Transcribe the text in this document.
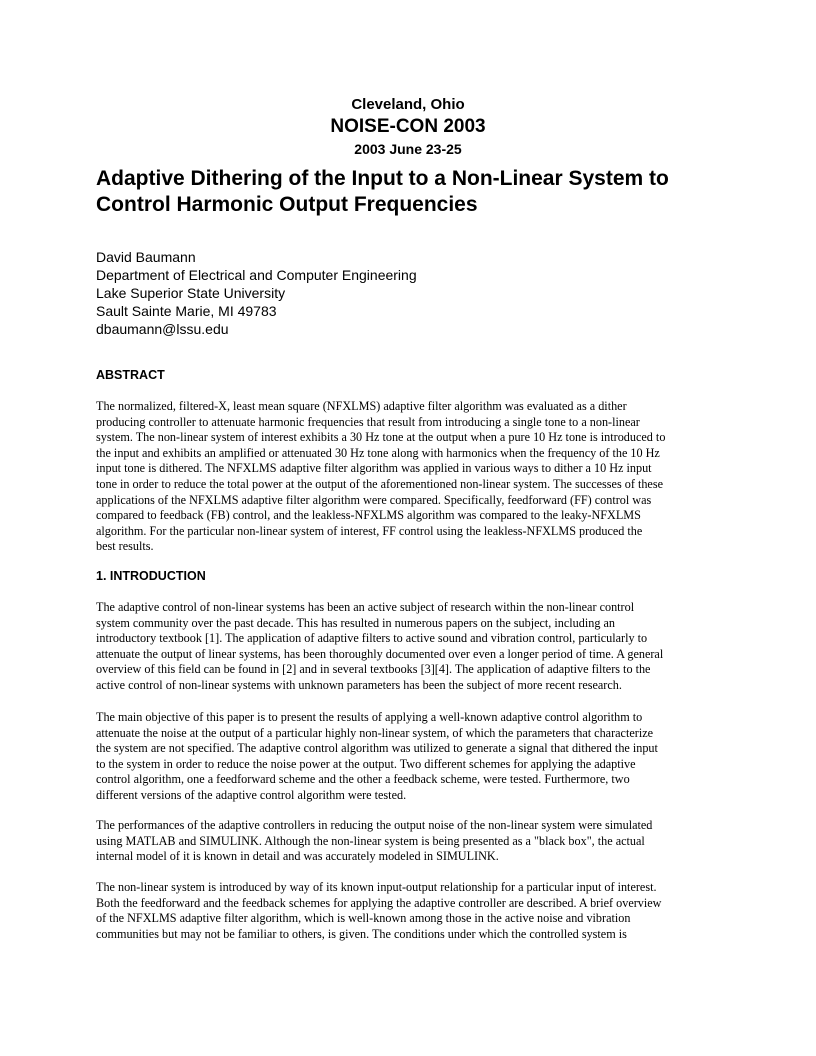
Cleveland, Ohio
NOISE-CON 2003
2003 June 23-25
Adaptive Dithering of the Input to a Non-Linear System to
Control Harmonic Output Frequencies
David Baumann
Department of Electrical and Computer Engineering
Lake Superior State University
Sault Sainte Marie, MI 49783
dbaumann@lssu.edu
ABSTRACT
The normalized, filtered-X, least mean square (NFXLMS) adaptive filter algorithm was evaluated as a dither
producing controller to attenuate harmonic frequencies that result from introducing a single tone to a non-linear
system. The non-linear system of interest exhibits a 30 Hz tone at the output when a pure 10 Hz tone is introduced to
the input and exhibits an amplified or attenuated 30 Hz tone along with harmonics when the frequency of the 10 Hz
input tone is dithered. The NFXLMS adaptive filter algorithm was applied in various ways to dither a 10 Hz input
tone in order to reduce the total power at the output of the aforementioned non-linear system. The successes of these
applications of the NFXLMS adaptive filter algorithm were compared. Specifically, feedforward (FF) control was
compared to feedback (FB) control, and the leakless-NFXLMS algorithm was compared to the leaky-NFXLMS
algorithm. For the particular non-linear system of interest, FF control using the leakless-NFXLMS produced the
best results.
1. INTRODUCTION
The adaptive control of non-linear systems has been an active subject of research within the non-linear control
system community over the past decade. This has resulted in numerous papers on the subject, including an
introductory textbook [1]. The application of adaptive filters to active sound and vibration control, particularly to
attenuate the output of linear systems, has been thoroughly documented over even a longer period of time. A general
overview of this field can be found in [2] and in several textbooks [3][4]. The application of adaptive filters to the
active control of non-linear systems with unknown parameters has been the subject of more recent research.
The main objective of this paper is to present the results of applying a well-known adaptive control algorithm to
attenuate the noise at the output of a particular highly non-linear system, of which the parameters that characterize
the system are not specified. The adaptive control algorithm was utilized to generate a signal that dithered the input
to the system in order to reduce the noise power at the output. Two different schemes for applying the adaptive
control algorithm, one a feedforward scheme and the other a feedback scheme, were tested. Furthermore, two
different versions of the adaptive control algorithm were tested.
The performances of the adaptive controllers in reducing the output noise of the non-linear system were simulated
using MATLAB and SIMULINK. Although the non-linear system is being presented as a "black box", the actual
internal model of it is known in detail and was accurately modeled in SIMULINK.
The non-linear system is introduced by way of its known input-output relationship for a particular input of interest.
Both the feedforward and the feedback schemes for applying the adaptive controller are described. A brief overview
of the NFXLMS adaptive filter algorithm, which is well-known among those in the active noise and vibration
communities but may not be familiar to others, is given. The conditions under which the controlled system is
